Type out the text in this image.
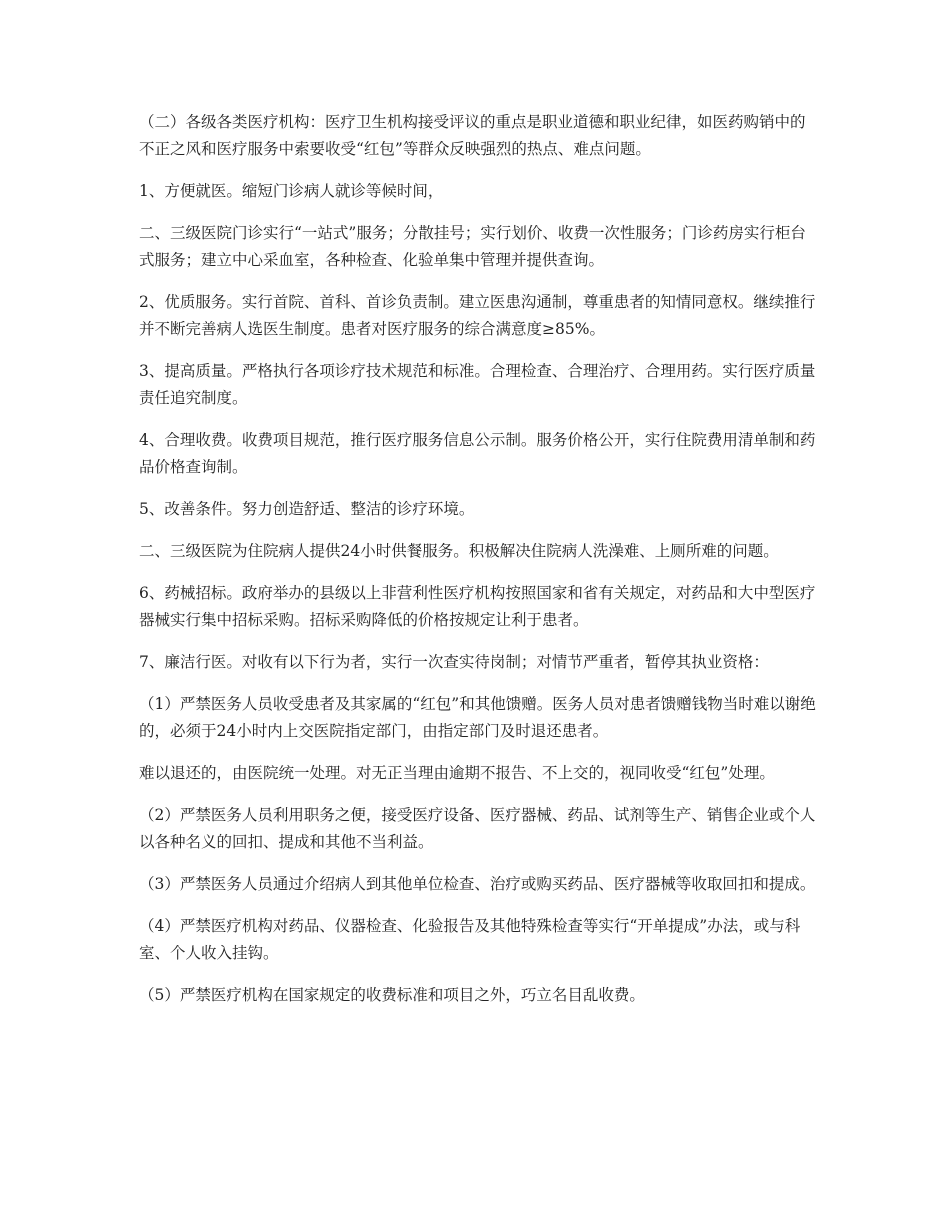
（二）各级各类医疗机构：医疗卫生机构接受评议的重点是职业道德和职业纪律，如医药购销中的不正之风和医疗服务中索要收受“红包”等群众反映强烈的热点、难点问题。

1、方便就医。缩短门诊病人就诊等候时间，

二、三级医院门诊实行“一站式”服务；分散挂号；实行划价、收费一次性服务；门诊药房实行柜台式服务；建立中心采血室，各种检查、化验单集中管理并提供查询。

2、优质服务。实行首院、首科、首诊负责制。建立医患沟通制，尊重患者的知情同意权。继续推行并不断完善病人选医生制度。患者对医疗服务的综合满意度≥85%。

3、提高质量。严格执行各项诊疗技术规范和标准。合理检查、合理治疗、合理用药。实行医疗质量责任追究制度。

4、合理收费。收费项目规范，推行医疗服务信息公示制。服务价格公开，实行住院费用清单制和药品价格查询制。

5、改善条件。努力创造舒适、整洁的诊疗环境。

二、三级医院为住院病人提供24小时供餐服务。积极解决住院病人洗澡难、上厕所难的问题。

6、药械招标。政府举办的县级以上非营利性医疗机构按照国家和省有关规定，对药品和大中型医疗器械实行集中招标采购。招标采购降低的价格按规定让利于患者。

7、廉洁行医。对收有以下行为者，实行一次查实待岗制；对情节严重者，暂停其执业资格：

（1）严禁医务人员收受患者及其家属的“红包”和其他馈赠。医务人员对患者馈赠钱物当时难以谢绝的，必须于24小时内上交医院指定部门，由指定部门及时退还患者。

难以退还的，由医院统一处理。对无正当理由逾期不报告、不上交的，视同收受“红包”处理。

（2）严禁医务人员利用职务之便，接受医疗设备、医疗器械、药品、试剂等生产、销售企业或个人以各种名义的回扣、提成和其他不当利益。

（3）严禁医务人员通过介绍病人到其他单位检查、治疗或购买药品、医疗器械等收取回扣和提成。

（4）严禁医疗机构对药品、仪器检查、化验报告及其他特殊检查等实行“开单提成”办法，或与科室、个人收入挂钩。

（5）严禁医疗机构在国家规定的收费标准和项目之外，巧立名目乱收费。
